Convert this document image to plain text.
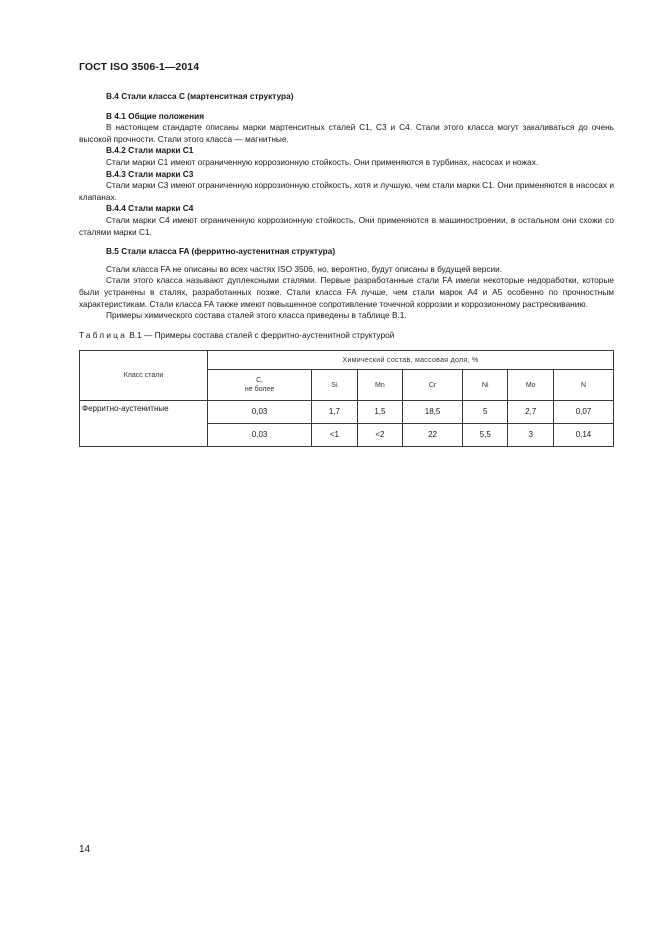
ГОСТ ISO 3506-1—2014
B.4 Стали класса С (мартенситная структура)
В 4.1 Общие положения

В настоящем стандарте описаны марки мартенситных сталей С1, С3 и С4. Стали этого класса могут закаливаться до очень высокой прочности. Стали этого класса — магнитные.

В.4.2 Стали марки С1

Стали марки С1 имеют ограниченную коррозионную стойкость. Они применяются в турбинах, насосах и ножах.

В.4.3 Стали марки С3

Стали марки С3 имеют ограниченную коррозионную стойкость, хотя и лучшую, чем стали марки С1. Они применяются в насосах и клапанах.

В.4.4 Стали марки С4

Стали марки С4 имеют ограниченную коррозионную стойкость. Они применяются в машиностроении, в остальном они схожи со сталями марки С1.

B.5 Стали класса FA (ферритно-аустенитная структура)

Стали класса FA не описаны во всех частях ISO 3506, но, вероятно, будут описаны в будущей версии.

Стали этого класса называют дуплексными сталями. Первые разработанные стали FA имели некоторые недоработки, которые были устранены в сталях, разработанных позже. Стали класса FA лучше, чем стали марок А4 и А5 особенно по прочностным характеристикам. Стали класса FA также имеют повышенное сопротивление точечной коррозии и коррозионному растрескиванию.

Примеры химического состава сталей этого класса приведены в таблице В.1.

Таблица В.1 — Примеры состава сталей с ферритно-аустенитной структурой
Класс стали	Химический состав, массовая доля, %						
	С,
не более	Si	Mn	Cr	Ni	Mo	N
Ферритно-аустенитные	0,03	1,7	1,5	18,5	5	2,7	0,07
	0,03	<1	<2	22	5,5	3	0,14
14
